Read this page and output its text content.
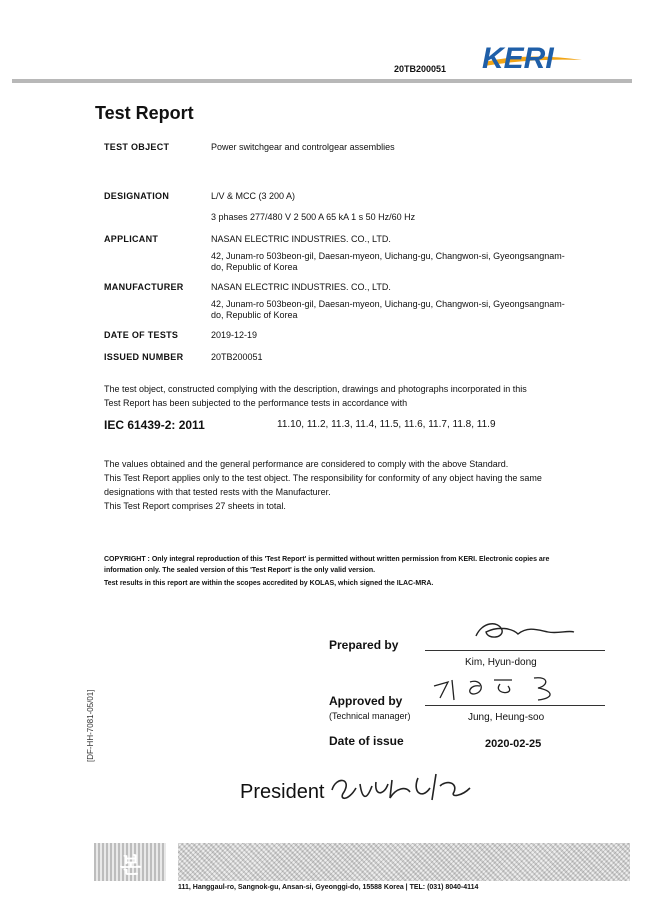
20TB200051 KERI
Test Report
TEST OBJECT	Power switchgear and controlgear assemblies
DESIGNATION	L/V & MCC (3 200 A)
3 phases 277/480 V 2 500 A 65 kA 1 s 50 Hz/60 Hz
APPLICANT	NASAN ELECTRIC INDUSTRIES. CO., LTD.
42, Junam-ro 503beon-gil, Daesan-myeon, Uichang-gu, Changwon-si, Gyeongsangnam-
do, Republic of Korea
MANUFACTURER	NASAN ELECTRIC INDUSTRIES. CO., LTD.
42, Junam-ro 503beon-gil, Daesan-myeon, Uichang-gu, Changwon-si, Gyeongsangnam-
do, Republic of Korea
DATE OF TESTS	2019-12-19
ISSUED NUMBER	20TB200051
The test object, constructed complying with the description, drawings and photographs incorporated in this
Test Report has been subjected to the performance tests in accordance with
IEC 61439-2: 2011	11.10, 11.2, 11.3, 11.4, 11.5, 11.6, 11.7, 11.8, 11.9
The values obtained and the general performance are considered to comply with the above Standard.
This Test Report applies only to the test object. The responsibility for conformity of any object having the same
designations with that tested rests with the Manufacturer.
This Test Report comprises 27 sheets in total.
COPYRIGHT : Only integral reproduction of this 'Test Report' is permitted without written permission from KERI. Electronic copies are
information only. The sealed version of this 'Test Report' is the only valid version.
Test results in this report are within the scopes accredited by KOLAS, which signed the ILAC-MRA.
Prepared by
Kim, Hyun-dong
Approved by
(Technical manager)	Jung, Heung-soo
Date of issue	2020-02-25
President
[DF-HH-7081-05/01]
본
111, Hanggaul-ro, Sangnok-gu, Ansan-si, Gyeonggi-do, 15588 Korea | TEL: (031) 8040-4114
